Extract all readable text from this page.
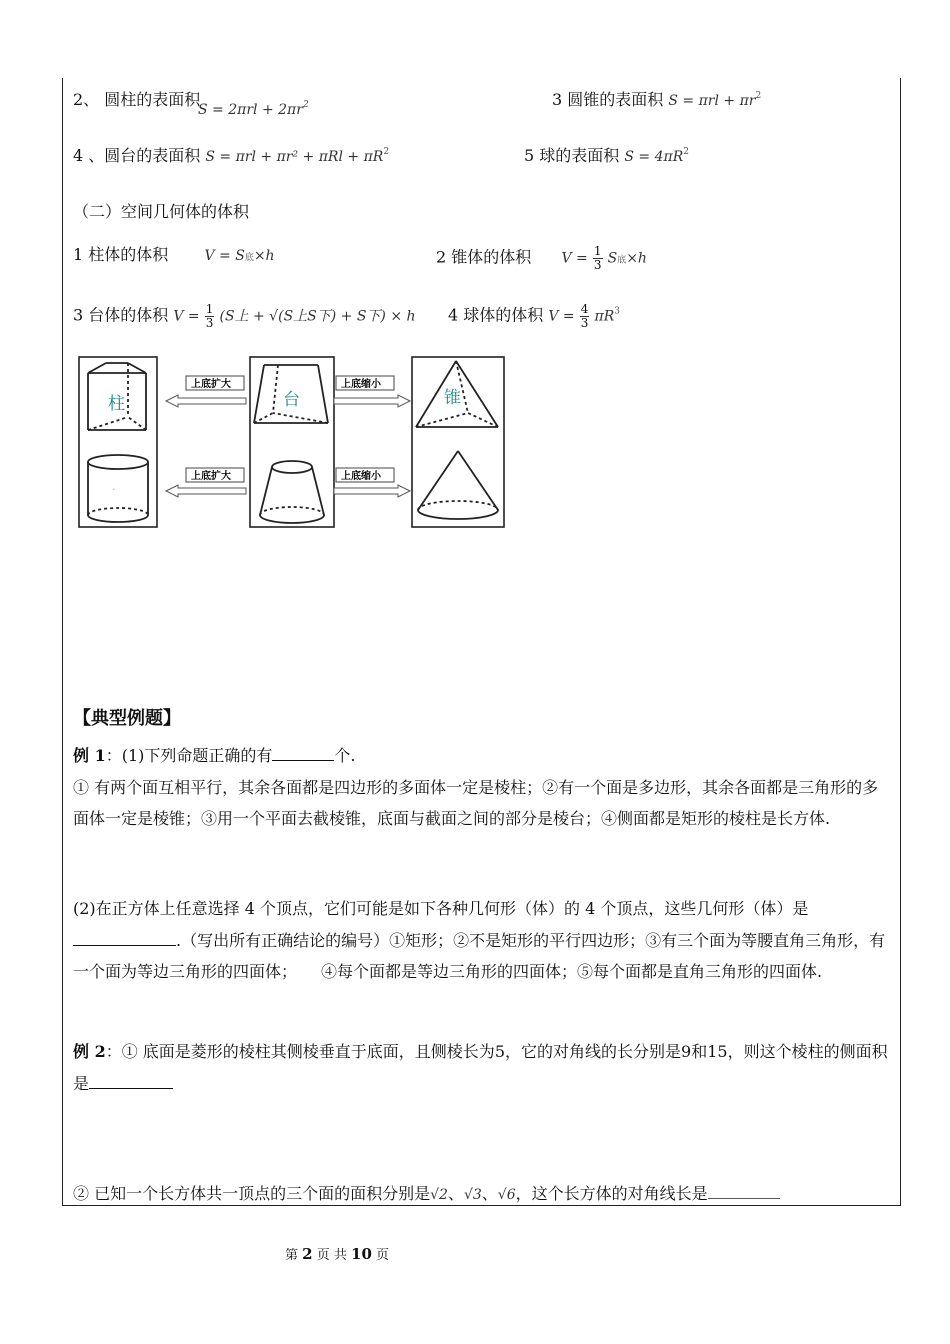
2、 圆柱的表面积
$S = 2\pi rl + 2\pi r^2$	3 圆锥的表面积 $S = \pi rl + \pi r^2$
4 、圆台的表面积 $S = \pi rl + \pi r^2 + \pi Rl + \pi R^2$	5 球的表面积 $S = 4\pi R^2$
（二）空间几何体的体积
1 柱体的体积	V = S底×h	2 锥体的体积 $V = \frac{1}{3}$ S底×h
3 台体的体积 $V = \frac{1}{3} (S$上 + √(S上S下) + S下) × h 4 球体的体积 $V = \frac{4}{3} \pi R^3$
柱
·
台	锥
上底扩大	上底缩小
上底扩大	上底缩小
【典型例题】
例 1：(1)下列命题正确的有	个.
① 有两个面互相平行，其余各面都是四边形的多面体一定是棱柱；②有一个面是多边形，其余各面都是三角形的多面体一定是棱锥；③用一个平面去截棱锥，底面与截面之间的部分是棱台；④侧面都是矩形的棱柱是长方体.
(2)在正方体上任意选择 4 个顶点，它们可能是如下各种几何形（体）的 4 个顶点，这些几何形（体）是.（写出所有正确结论的编号）①矩形；②不是矩形的平行四边形；③有三个面为等腰直角三角形，有一个面为等边三角形的四面体；　　④每个面都是等边三角形的四面体；⑤每个面都是直角三角形的四面体.
例 2：① 底面是菱形的棱柱其侧棱垂直于底面，且侧棱长为5，它的对角线的长分别是9和15，则这个棱柱的侧面积是
② 已知一个长方体共一顶点的三个面的面积分别是√2、√3、√6，这个长方体的对角线长是
第 2 页 共 10 页
